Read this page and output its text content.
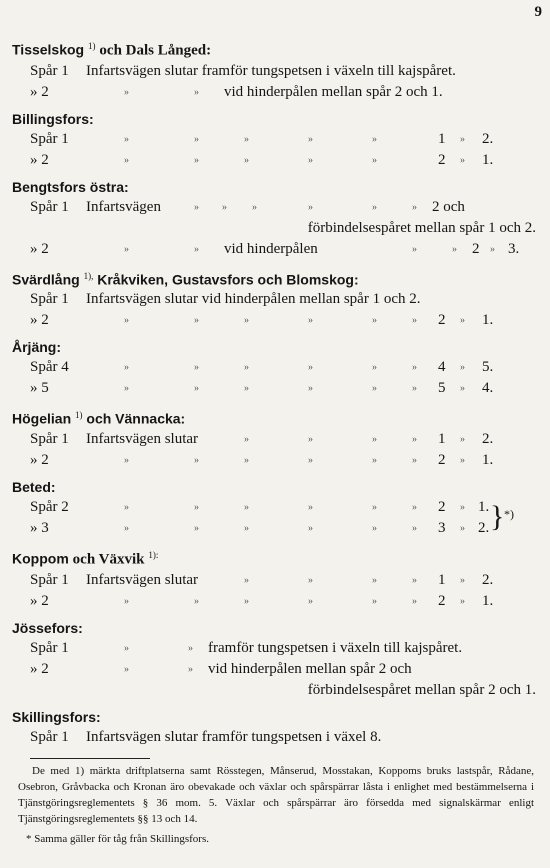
9
Tisselskog $^{1)}$ och Dals Långed:
Spår 1 Infartsvägen slutar framför tungspetsen i växeln till kajspåret.
» 2	»	» vid hinderpålen mellan spår 2 och 1.
Billingsfors:
Spår 1	»	»	»	»	»	1 » 2.
» 2	»	»	»	»	»	2 » 1.
Bengtsfors östra:
Spår 1 Infartsvägen	» »	»	»	»	» 2 och
förbindelsespåret mellan spår 1 och 2.
» 2	»	» vid hinderpålen	»	» 2 » 3.
Svärdlång $^{1),}$ Kråkviken, Gustavsfors och Blomskog:
Spår 1 Infartsvägen slutar vid hinderpålen mellan spår 1 och 2.
» 2	»	»	»	»	»	» 2 » 1.
Årjäng:
Spår 4	»	»	»	»	»	» 4 » 5.
» 5	»	»	»	»	»	» 5 » 4.
Högelian $^{1)}$ och Vännacka:
Spår 1 Infartsvägen slutar	»	»	»	» 1 » 2.
» 2	»	»	»	»	»	» 2 » 1.
Beted:
Spår 2	»	»	»	»	»	» 2 » 1.
» 3	»	»	»	»	»	» 3 » 2. } *)
Koppom och Växvik $^{1):}$
Spår 1 Infartsvägen slutar	»	»	»	» 1 » 2.
» 2	»	»	»	»	»	» 2 » 1.
Jössefors:
Spår 1	»	» framför tungspetsen i växeln till kajspåret.
» 2	»	» vid hinderpålen mellan spår 2 och
förbindelsespåret mellan spår 2 och 1.
Skillingsfors:
Spår 1 Infartsvägen slutar framför tungspetsen i växel 8.
De med 1) märkta driftplatserna samt Rösstegen, Månserud, Mosstakan, Koppoms bruks lastspår, Rådane, Osebron, Gråvbacka och Kronan äro obevakade och växlar och spårspärrar låsta i enlighet med bestämmelserna i Tjänstgöringsreglementets § 36 mom. 5. Växlar och spårspärrar äro försedda med signalskärmar enligt Tjänstgöringsreglementets §§ 13 och 14.
* Samma gäller för tåg från Skillingsfors.
